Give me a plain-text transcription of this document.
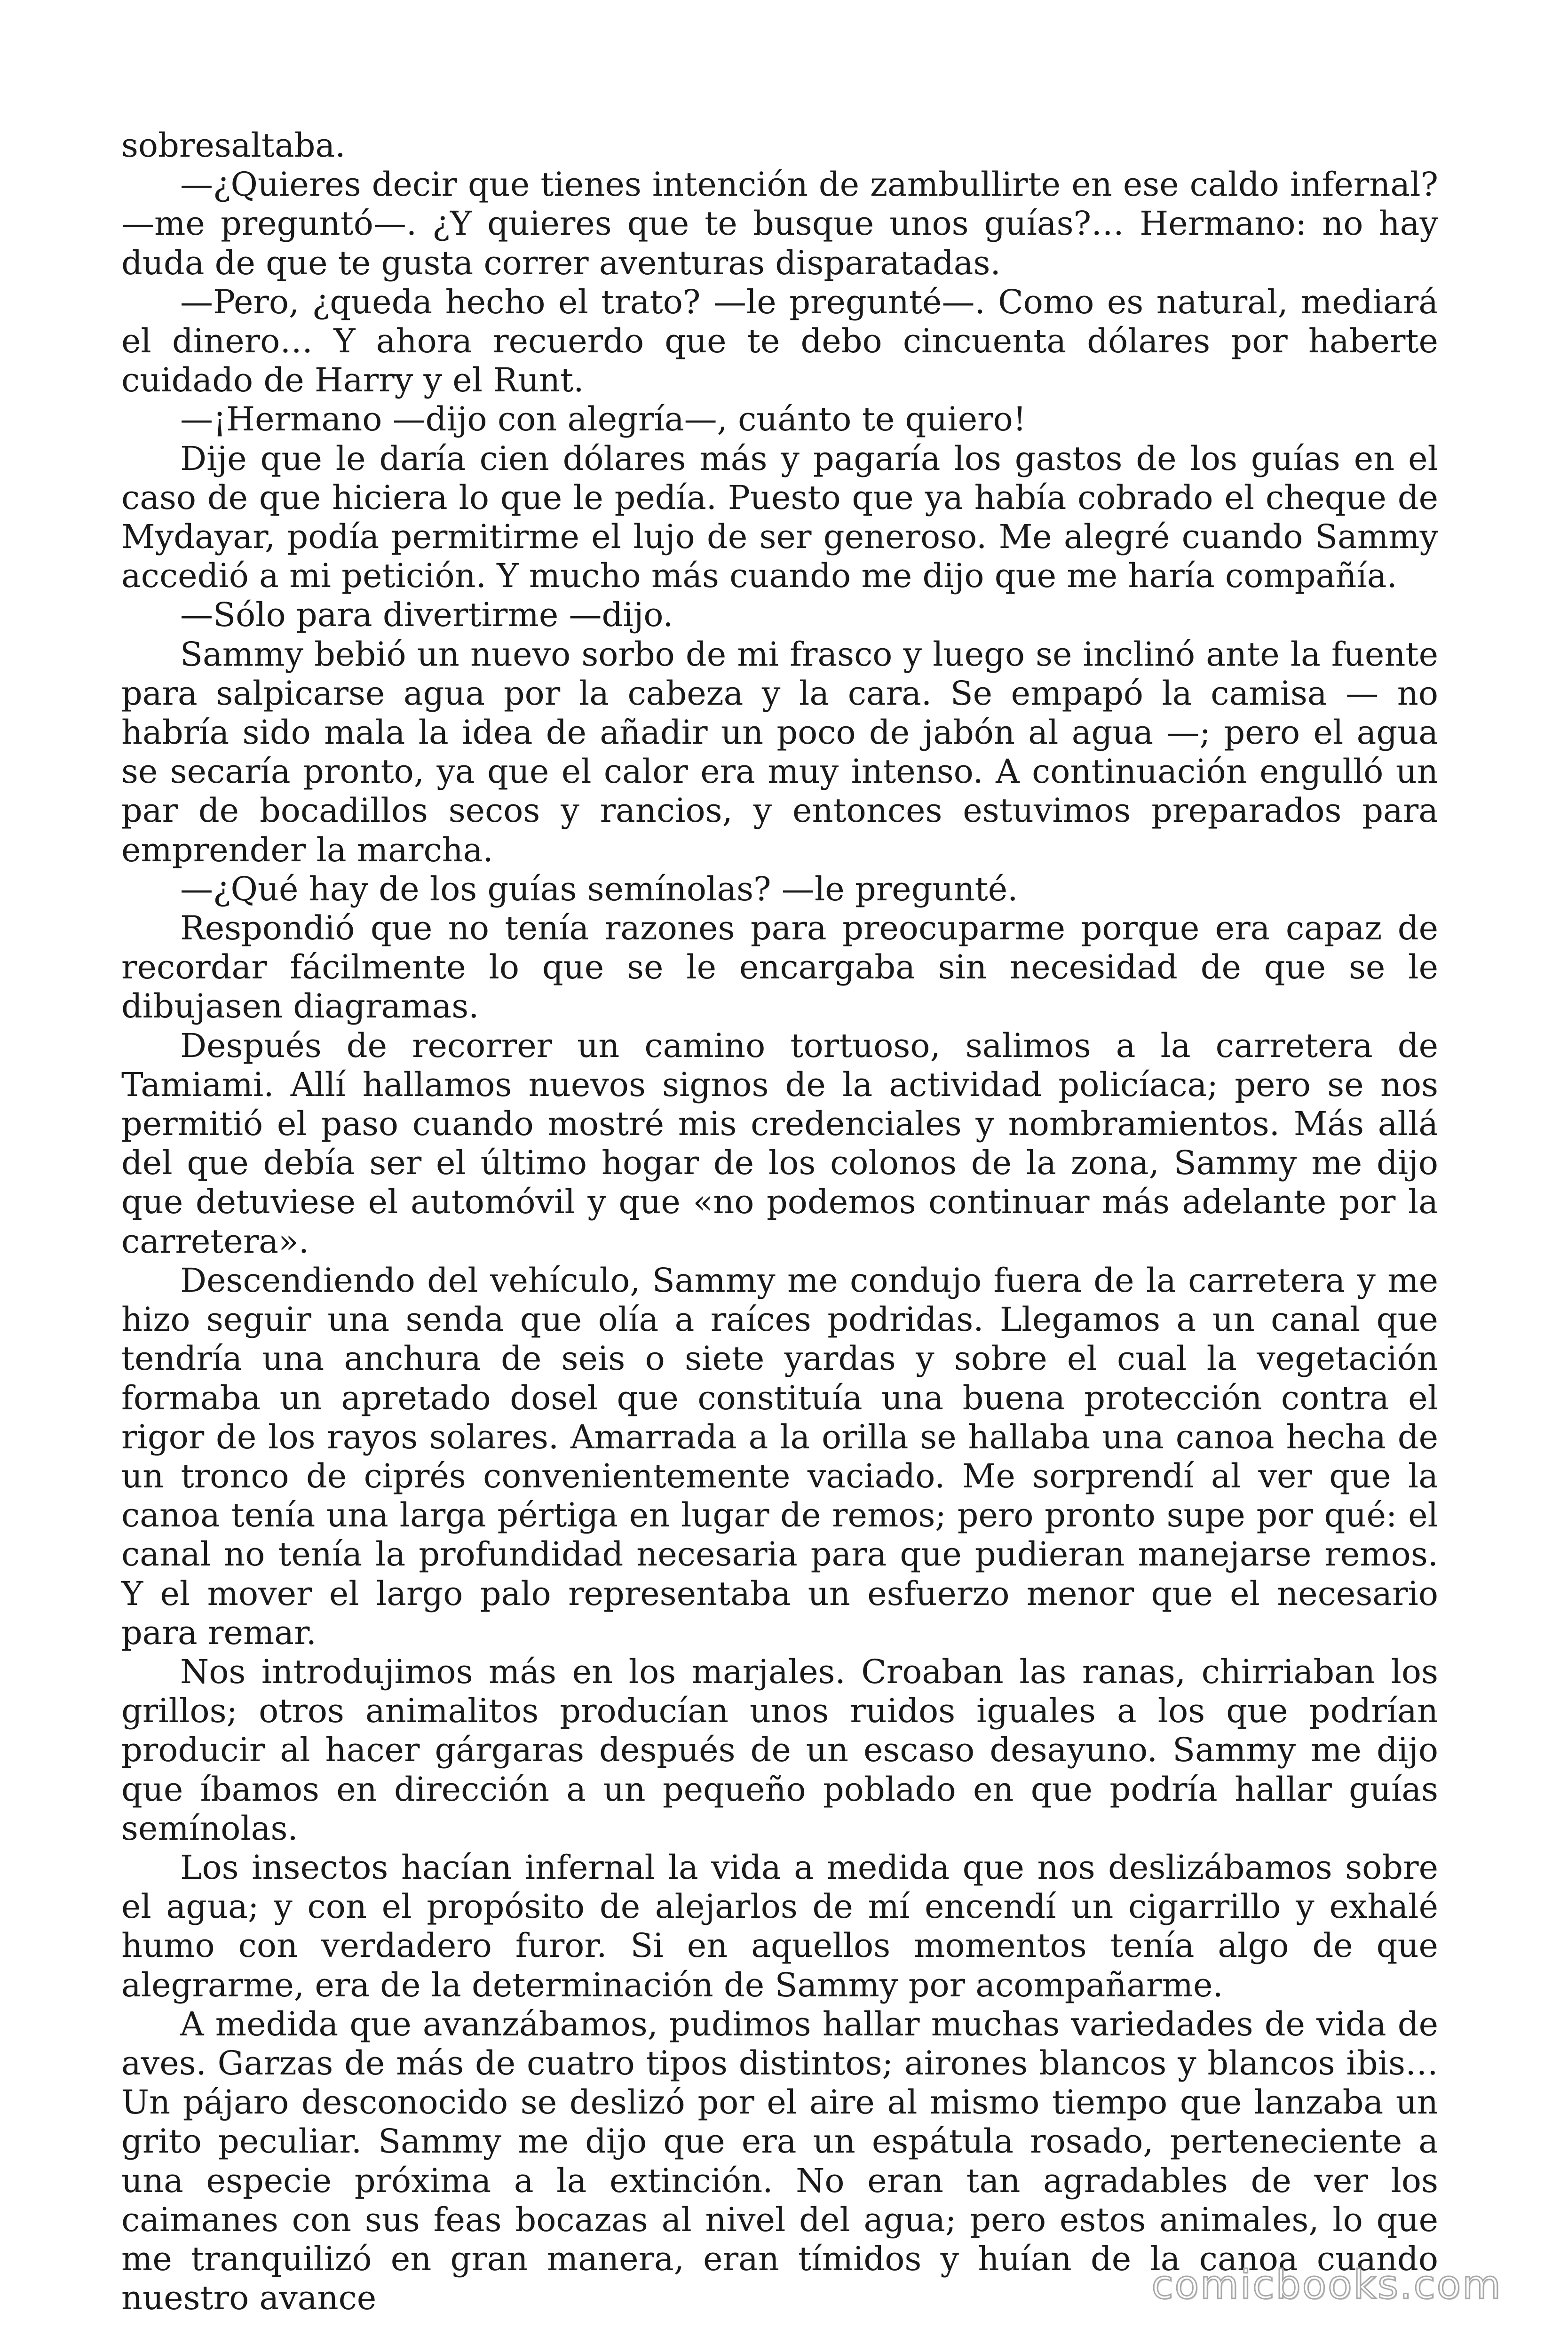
sobresaltaba.

—¿Quieres decir que tienes intención de zambullirte en ese caldo infernal? —me preguntó—. ¿Y quieres que te busque unos guías?… Hermano: no hay duda de que te gusta correr aventuras disparatadas.

—Pero, ¿queda hecho el trato? —le pregunté—. Como es natural, mediará el dinero… Y ahora recuerdo que te debo cincuenta dólares por haberte cuidado de Harry y el Runt.

—¡Hermano —dijo con alegría—, cuánto te quiero!

Dije que le daría cien dólares más y pagaría los gastos de los guías en el caso de que hiciera lo que le pedía. Puesto que ya había cobrado el cheque de Mydayar, podía permitirme el lujo de ser generoso. Me alegré cuando Sammy accedió a mi petición. Y mucho más cuando me dijo que me haría compañía.

—Sólo para divertirme —dijo.

Sammy bebió un nuevo sorbo de mi frasco y luego se inclinó ante la fuente para salpicarse agua por la cabeza y la cara. Se empapó la camisa — no habría sido mala la idea de añadir un poco de jabón al agua —; pero el agua se secaría pronto, ya que el calor era muy intenso. A continuación engulló un par de bocadillos secos y rancios, y entonces estuvimos preparados para emprender la marcha.

—¿Qué hay de los guías semínolas? —le pregunté.

Respondió que no tenía razones para preocuparme porque era capaz de recordar fácilmente lo que se le encargaba sin necesidad de que se le dibujasen diagramas.

Después de recorrer un camino tortuoso, salimos a la carretera de Tamiami. Allí hallamos nuevos signos de la actividad policíaca; pero se nos permitió el paso cuando mostré mis credenciales y nombramientos. Más allá del que debía ser el último hogar de los colonos de la zona, Sammy me dijo que detuviese el automóvil y que «no podemos continuar más adelante por la carretera».

Descendiendo del vehículo, Sammy me condujo fuera de la carretera y me hizo seguir una senda que olía a raíces podridas. Llegamos a un canal que tendría una anchura de seis o siete yardas y sobre el cual la vegetación formaba un apretado dosel que constituía una buena protección contra el rigor de los rayos solares. Amarrada a la orilla se hallaba una canoa hecha de un tronco de ciprés convenientemente vaciado. Me sorprendí al ver que la canoa tenía una larga pértiga en lugar de remos; pero pronto supe por qué: el canal no tenía la profundidad necesaria para que pudieran manejarse remos. Y el mover el largo palo representaba un esfuerzo menor que el necesario para remar.

Nos introdujimos más en los marjales. Croaban las ranas, chirriaban los grillos; otros animalitos producían unos ruidos iguales a los que podrían producir al hacer gárgaras después de un escaso desayuno. Sammy me dijo que íbamos en dirección a un pequeño poblado en que podría hallar guías semínolas.

Los insectos hacían infernal la vida a medida que nos deslizábamos sobre el agua; y con el propósito de alejarlos de mí encendí un cigarrillo y exhalé humo con verdadero furor. Si en aquellos momentos tenía algo de que alegrarme, era de la determinación de Sammy por acompañarme.

A medida que avanzábamos, pudimos hallar muchas variedades de vida de aves. Garzas de más de cuatro tipos distintos; airones blancos y blancos ibis… Un pájaro desconocido se deslizó por el aire al mismo tiempo que lanzaba un grito peculiar. Sammy me dijo que era un espátula rosado, perteneciente a una especie próxima a la extinción. No eran tan agradables de ver los caimanes con sus feas bocazas al nivel del agua; pero estos animales, lo que me tranquilizó en gran manera, eran tímidos y huían de la canoa cuando nuestro avance	comicbooks.com
